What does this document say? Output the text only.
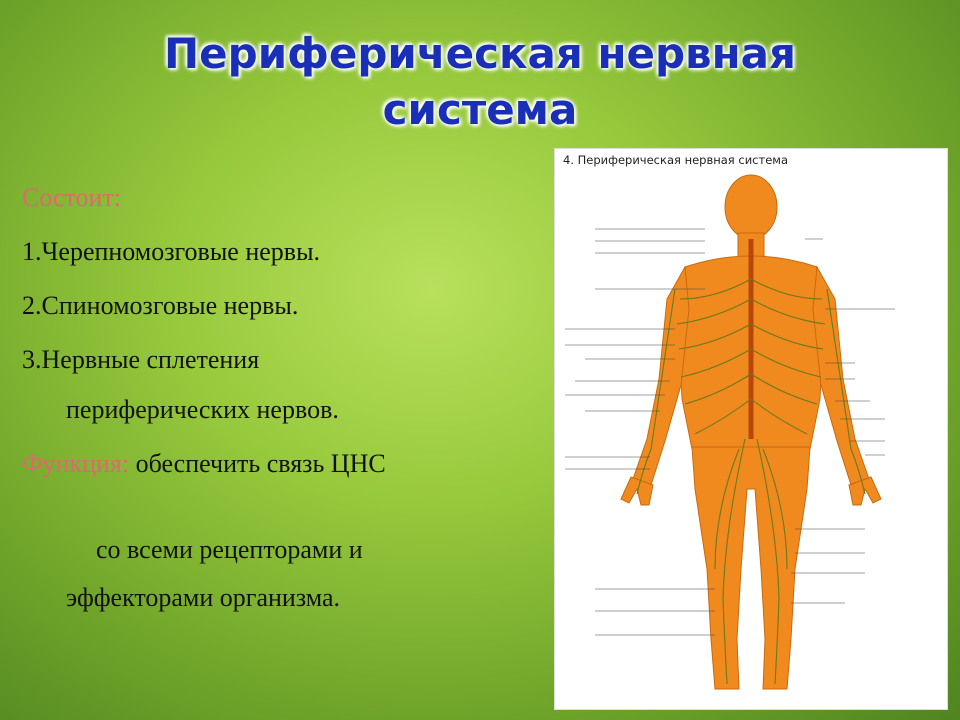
Периферическая нервная
система
Состоит:
1.Черепномозговые нервы.
2.Спиномозговые нервы.
3.Нервные сплетения
периферических нервов.
Функция: обеспечить связь ЦНС
со всеми рецепторами и
эффекторами организма.
4. Периферическая нервная система
